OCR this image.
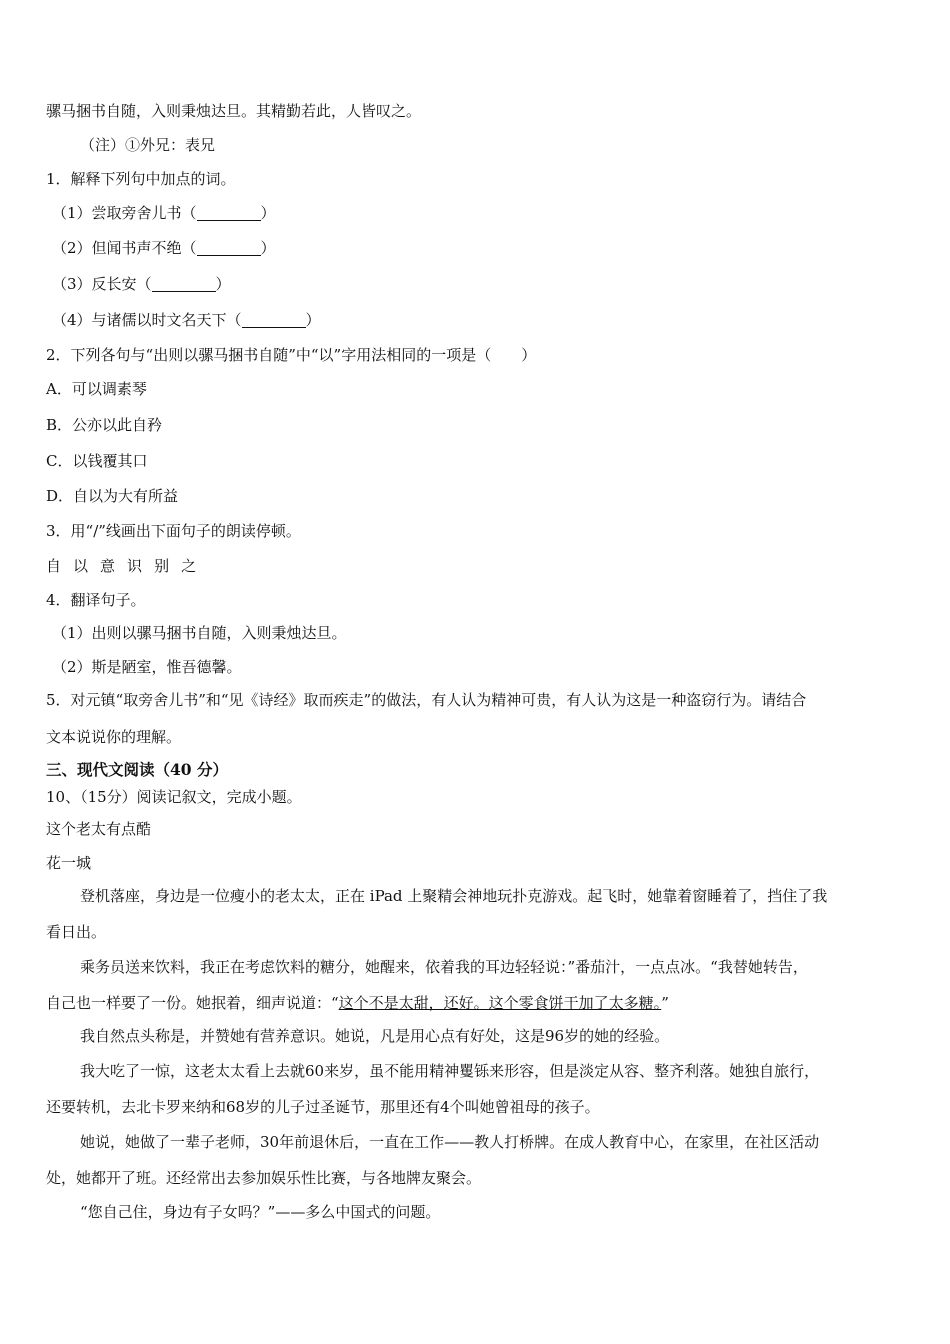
骡马捆书自随，入则秉烛达旦。其精勤若此，人皆叹之。
（注）①外兄：表兄
1．解释下列句中加点的词。
（1）尝取旁舍儿书（	）
（2）但闻书声不绝（	）
（3）反长安（	）
（4）与诸儒以时文名天下（	）
2．下列各句与“出则以骡马捆书自随”中“以”字用法相同的一项是（　　）
A．可以调素琴
B．公亦以此自矜
C．以钱覆其口
D．自以为大有所益
3．用“/”线画出下面句子的朗读停顿。
自 以 意 识 别 之
4．翻译句子。
（1）出则以骡马捆书自随，入则秉烛达旦。
（2）斯是陋室，惟吾德馨。
5．对元镇“取旁舍儿书”和“见《诗经》取而疾走”的做法，有人认为精神可贵，有人认为这是一种盗窃行为。请结合
文本说说你的理解。
三、现代文阅读（40 分）
10、（15分）阅读记叙文，完成小题。
这个老太有点酷
花一城
登机落座，身边是一位瘦小的老太太，正在 iPad 上聚精会神地玩扑克游戏。起飞时，她靠着窗睡着了，挡住了我
看日出。
乘务员送来饮料，我正在考虑饮料的糖分，她醒来，依着我的耳边轻轻说：”番茄汁，一点点冰。“我替她转告，
自己也一样要了一份。她抿着，细声说道：“这个不是太甜，还好。这个零食饼干加了太多糖。”
我自然点头称是，并赞她有营养意识。她说，凡是用心点有好处，这是96岁的她的经验。
我大吃了一惊，这老太太看上去就60来岁，虽不能用精神矍铄来形容，但是淡定从容、整齐利落。她独自旅行，
还要转机，去北卡罗来纳和68岁的儿子过圣诞节，那里还有4个叫她曾祖母的孩子。
她说，她做了一辈子老师，30年前退休后，一直在工作——教人打桥牌。在成人教育中心，在家里，在社区活动
处，她都开了班。还经常出去参加娱乐性比赛，与各地牌友聚会。
“您自己住，身边有子女吗？”——多么中国式的问题。
